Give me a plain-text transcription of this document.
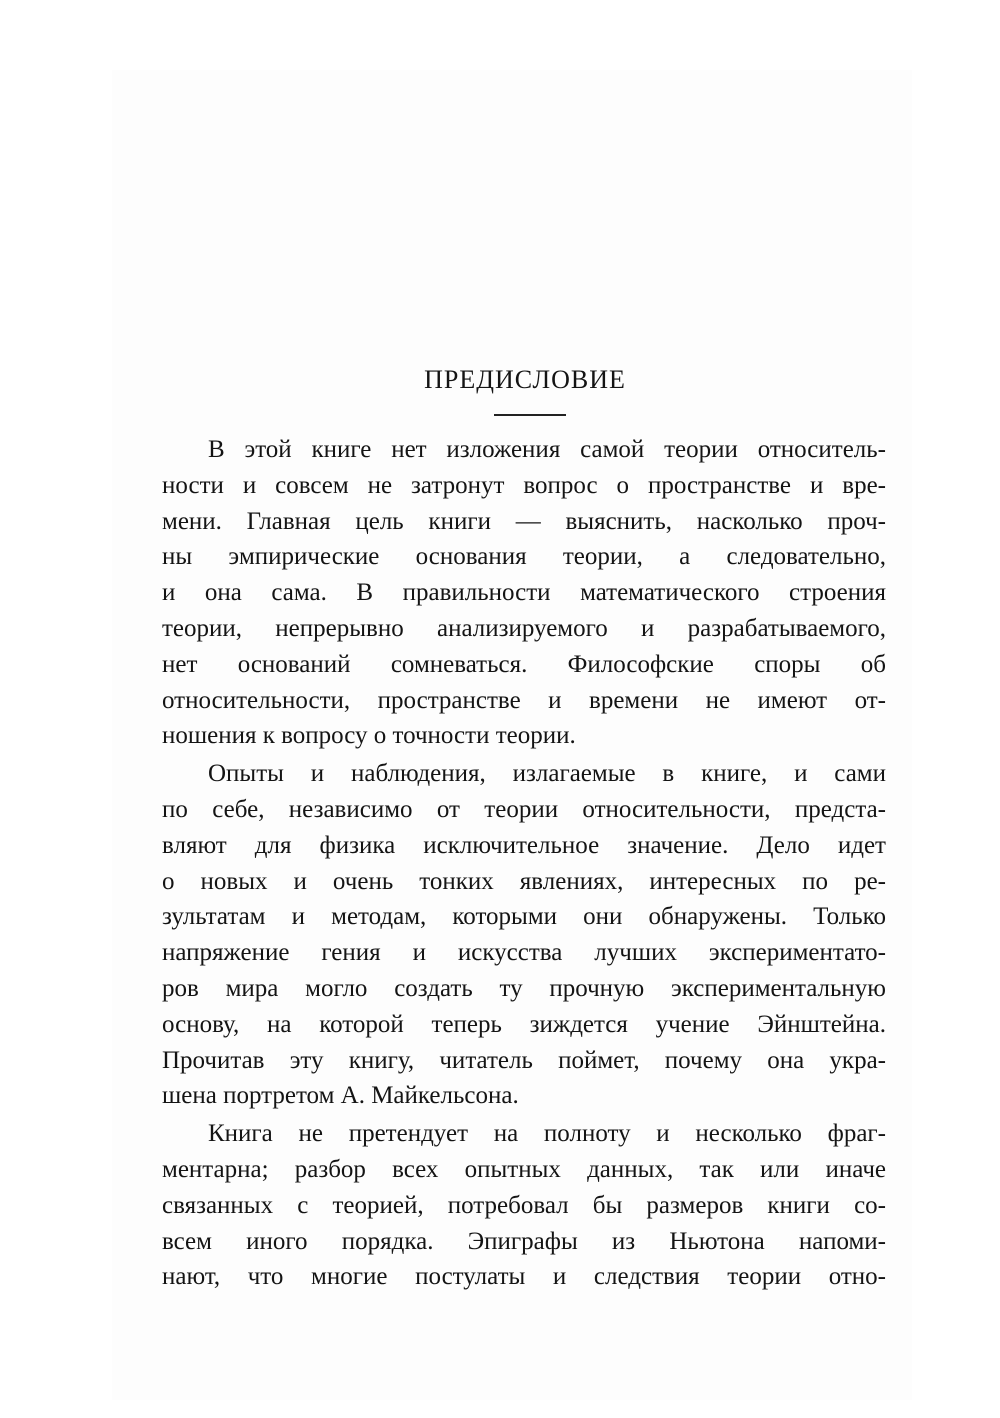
ПРЕДИСЛОВИЕ
В этой книге нет изложения самой теории относитель-
ности и совсем не затронут вопрос о пространстве и вре-
мени. Главная цель книги — выяснить, насколько проч-
ны эмпирические основания теории, а следовательно,
и она сама. В правильности математического строения
теории, непрерывно анализируемого и разрабатываемого,
нет оснований сомневаться. Философские споры об
относительности, пространстве и времени не имеют от-
ношения к вопросу о точности теории.
Опыты и наблюдения, излагаемые в книге, и сами
по себе, независимо от теории относительности, предста-
вляют для физика исключительное значение. Дело идет
о новых и очень тонких явлениях, интересных по ре-
зультатам и методам, которыми они обнаружены. Только
напряжение гения и искусства лучших экспериментато-
ров мира могло создать ту прочную экспериментальную
основу, на которой теперь зиждется учение Эйнштейна.
Прочитав эту книгу, читатель поймет, почему она укра-
шена портретом А. Майкельсона.
Книга не претендует на полноту и несколько фраг-
ментарна; разбор всех опытных данных, так или иначе
связанных с теорией, потребовал бы размеров книги со-
всем иного порядка. Эпиграфы из Ньютона напоми-
нают, что многие постулаты и следствия теории отно-
